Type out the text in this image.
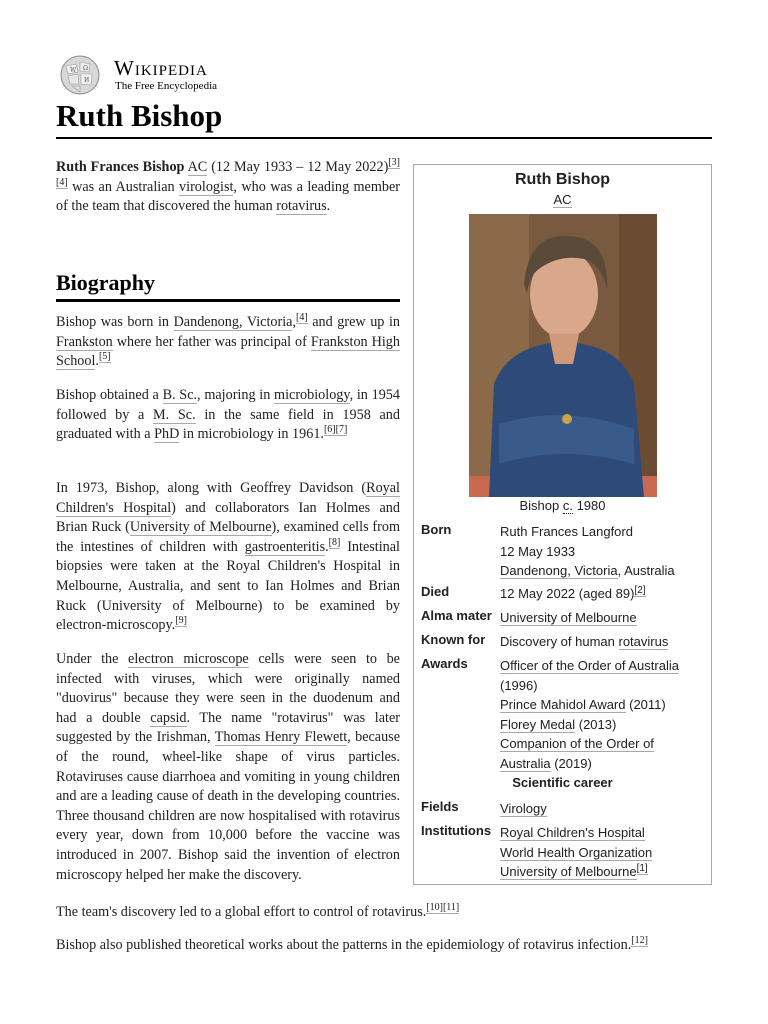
W Ω
И
Wikipedia
The Free Encyclopedia
Ruth Bishop

Ruth Frances Bishop AC (12 May 1933 – 12 May 2022)[3][4] was an Australian virologist, who was a leading member of the team that discovered the human rotavirus.

Biography

Bishop was born in Dandenong, Victoria,[4] and grew up in Frankston where her father was principal of Frankston High School.[5]

Bishop obtained a B. Sc., majoring in microbiology, in 1954 followed by a M. Sc. in the same field in 1958 and graduated with a PhD in microbiology in 1961.[6][7]

In 1973, Bishop, along with Geoffrey Davidson (Royal Children's Hospital) and collaborators Ian Holmes and Brian Ruck (University of Melbourne), examined cells from the intestines of children with gastroenteritis.[8] Intestinal biopsies were taken at the Royal Children's Hospital in Melbourne, Australia, and sent to Ian Holmes and Brian Ruck (University of Melbourne) to be examined by electron-microscopy.[9]

Under the electron microscope cells were seen to be infected with viruses, which were originally named "duovirus" because they were seen in the duodenum and had a double capsid. The name "rotavirus" was later suggested by the Irishman, Thomas Henry Flewett, because of the round, wheel-like shape of virus particles. Rotaviruses cause diarrhoea and vomiting in young children and are a leading cause of death in the developing countries. Three thousand children are now hospitalised with rotavirus every year, down from 10,000 before the vaccine was introduced in 2007. Bishop said the invention of electron microscopy helped her make the discovery.

The team's discovery led to a global effort to control of rotavirus.[10][11]
Bishop also published theoretical works about the patterns in the epidemiology of rotavirus infection.[12]
Ruth Bishop
AC
Bishop c. 1980
Born	Ruth Frances Langford
12 May 1933
Dandenong, Victoria, Australia
Died	12 May 2022 (aged 89)[2]
Alma mater University of Melbourne
Known for	Discovery of human rotavirus
Awards	Officer of the Order of Australia
(1996)
Prince Mahidol Award (2011)
Florey Medal (2013)
Companion of the Order of
Australia (2019)
Scientific career
Fields	Virology
Institutions Royal Children's Hospital
World Health Organization
University of Melbourne[1]
